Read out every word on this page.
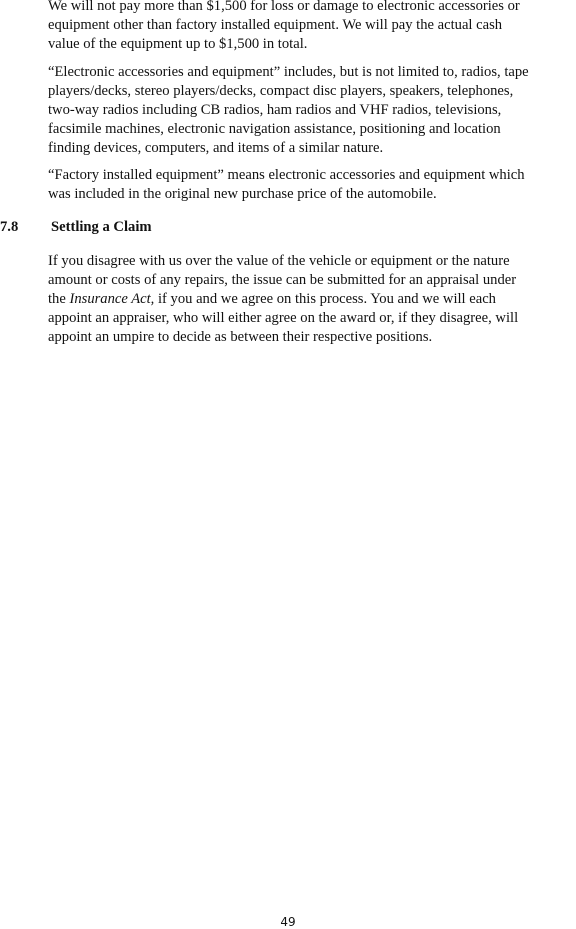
We will not pay more than $1,500 for loss or damage to electronic accessories or
equipment other than factory installed equipment. We will pay the actual cash
value of the equipment up to $1,500 in total.

“Electronic accessories and equipment” includes, but is not limited to, radios, tape
players/decks, stereo players/decks, compact disc players, speakers, telephones,
two-way radios including CB radios, ham radios and VHF radios, televisions,
facsimile machines, electronic navigation assistance, positioning and location
finding devices, computers, and items of a similar nature.

“Factory installed equipment” means electronic accessories and equipment which
was included in the original new purchase price of the automobile.

7.8 Settling a Claim

If you disagree with us over the value of the vehicle or equipment or the nature
amount or costs of any repairs, the issue can be submitted for an appraisal under
the Insurance Act, if you and we agree on this process. You and we will each
appoint an appraiser, who will either agree on the award or, if they disagree, will
appoint an umpire to decide as between their respective positions.

49
